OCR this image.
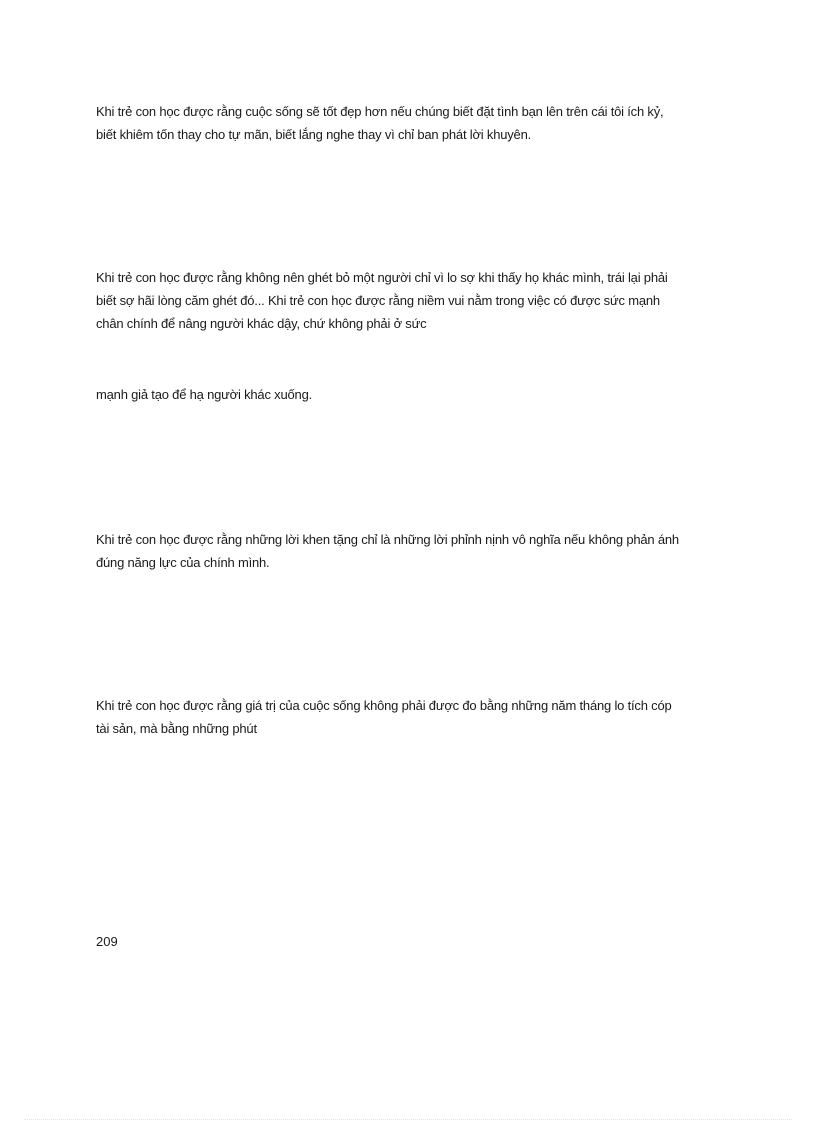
Khi trẻ con học được rằng cuộc sống sẽ tốt đẹp hơn nếu chúng biết đặt tình bạn lên trên cái tôi ích kỷ,
biết khiêm tốn thay cho tự mãn, biết lắng nghe thay vì chỉ ban phát lời khuyên.

Khi trẻ con học được rằng không nên ghét bỏ một người chỉ vì lo sợ khi thấy họ khác mình, trái lại phải
biết sợ hãi lòng căm ghét đó... Khi trẻ con học được rằng niềm vui nằm trong việc có được sức mạnh
chân chính để nâng người khác dậy, chứ không phải ở sức

mạnh giả tạo để hạ người khác xuống.

Khi trẻ con học được rằng những lời khen tặng chỉ là những lời phỉnh nịnh vô nghĩa nếu không phản ánh
đúng năng lực của chính mình.

Khi trẻ con học được rằng giá trị của cuộc sống không phải được đo bằng những năm tháng lo tích cóp
tài sản, mà bằng những phút

209
